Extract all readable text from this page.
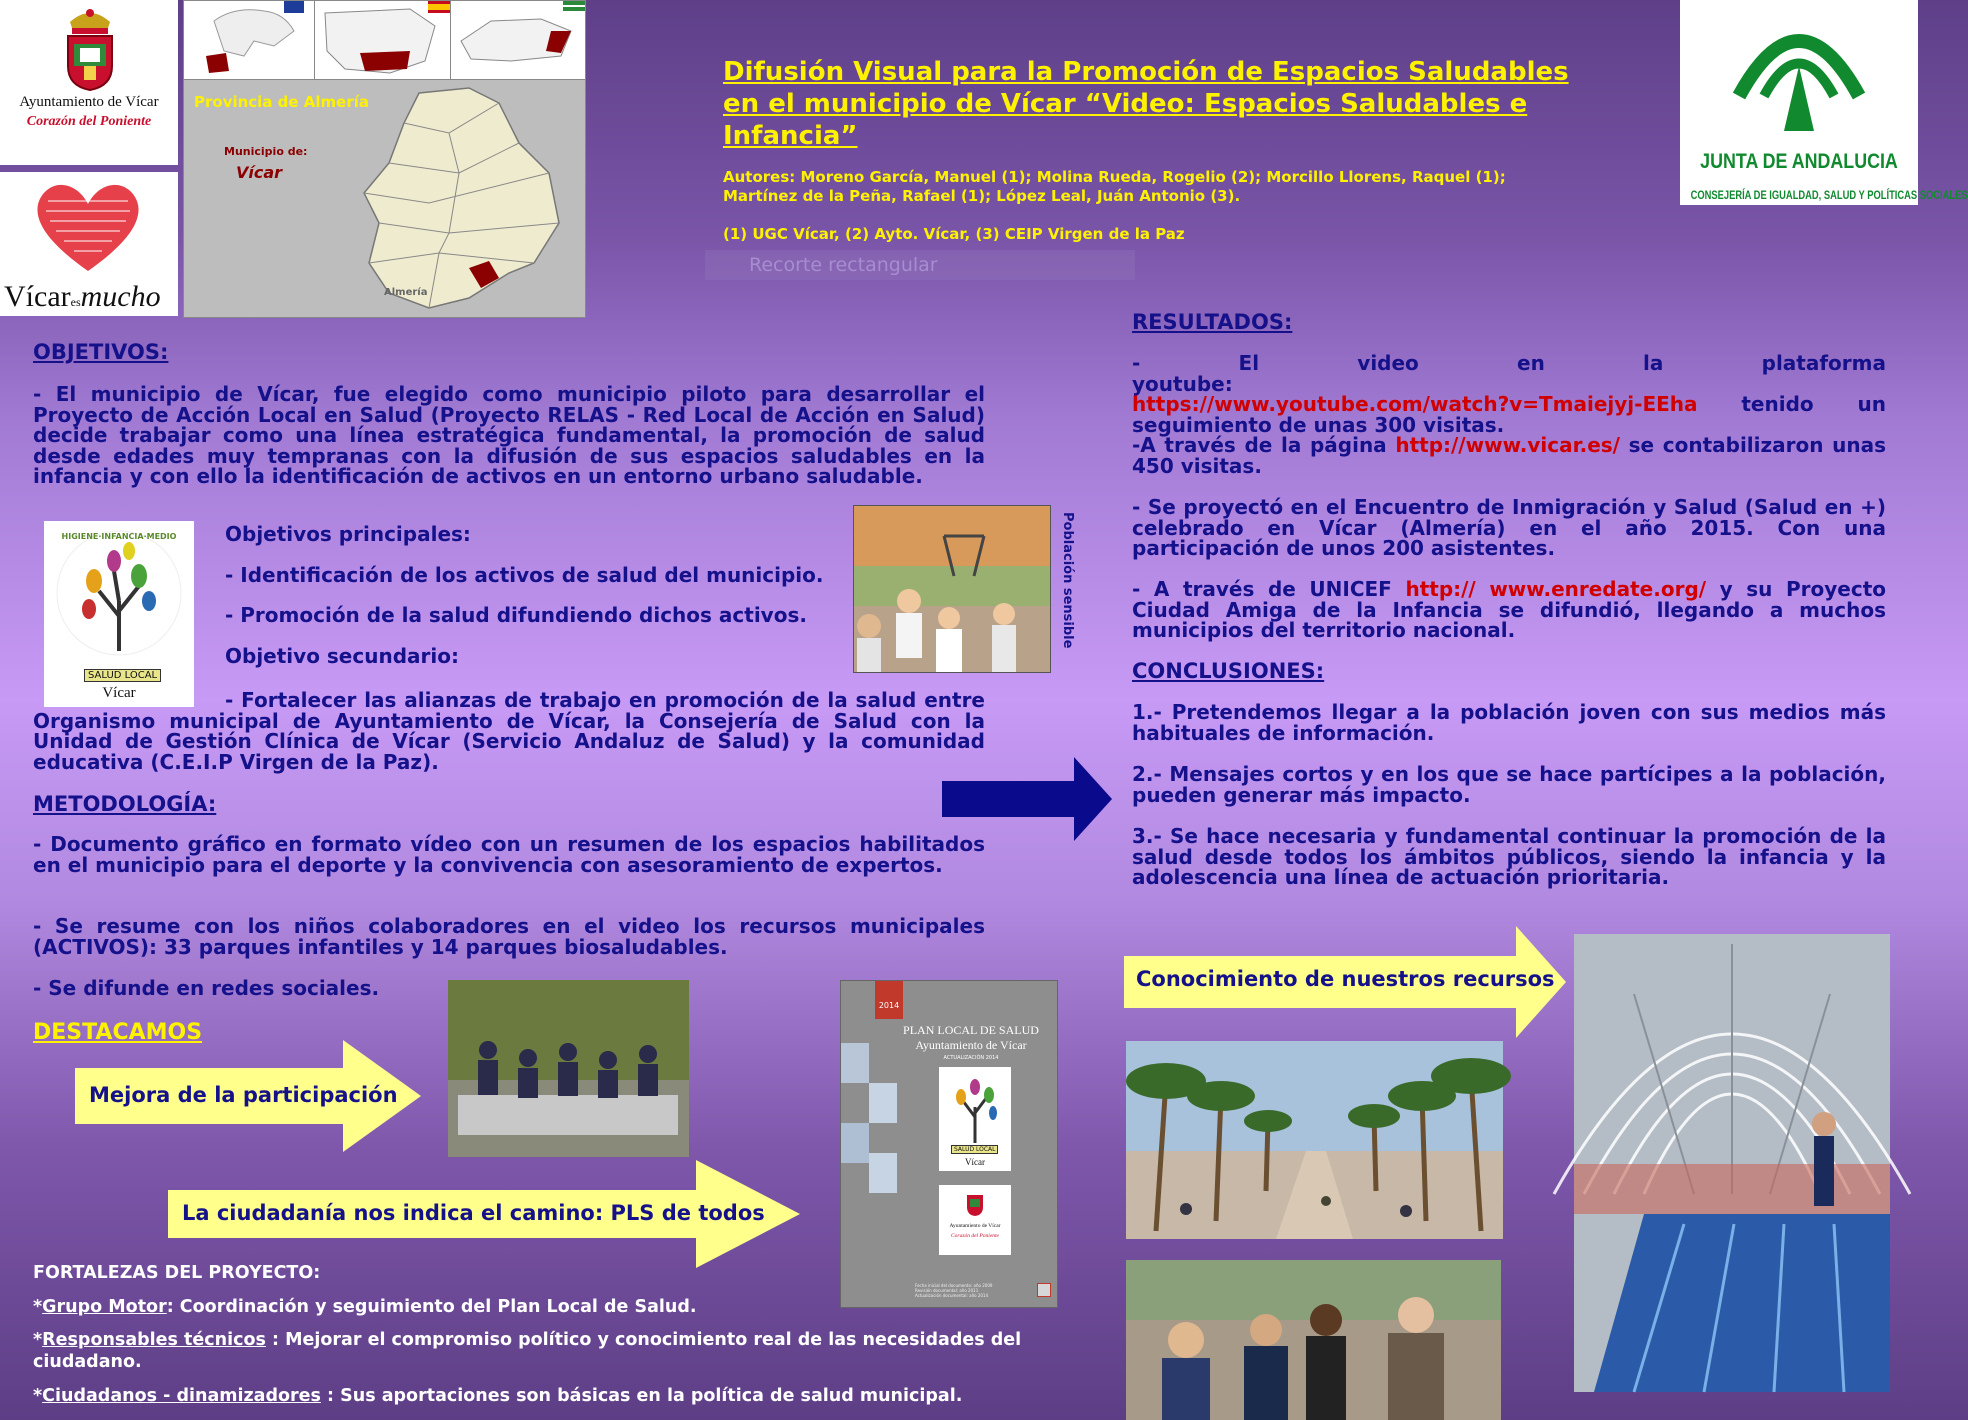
Ayuntamiento de Vícar
Corazón del Poniente
Vícaresmucho
Provincia de Almería
Municipio de:
Vícar
Almería
Difusión Visual para la Promoción de Espacios Saludables
en el municipio de Vícar “Video: Espacios Saludables e
Infancia”
Autores: Moreno García, Manuel (1); Molina Rueda, Rogelio (2); Morcillo Llorens, Raquel (1);
Martínez de la Peña, Rafael (1); López Leal, Juán Antonio (3).
(1) UGC Vícar, (2) Ayto. Vícar, (3) CEIP Virgen de la Paz
Recorte rectangular
JUNTA DE ANDALUCIA
CONSEJERÍA DE IGUALDAD, SALUD Y POLÍTICAS SOCIALES
OBJETIVOS:

- El municipio de Vícar, fue elegido como municipio piloto para desarrollar el Proyecto de Acción Local en Salud (Proyecto RELAS - Red Local de Acción en Salud) decide trabajar como una línea estratégica fundamental, la promoción de salud desde edades muy tempranas con la difusión de sus espacios saludables en la infancia y con ello la identificación de activos en un entorno urbano saludable.

HIGIENE·INFANCIA·MEDIO
SALUD LOCAL
Vícar
Objetivos principales:
- Identificación de los activos de salud del municipio.
- Promoción de la salud difundiendo dichos activos.
Objetivo secundario:

- Fortalecer las alianzas de trabajo en promoción de la salud entre Organismo municipal de Ayuntamiento de Vícar, la Consejería de Salud con la Unidad de Gestión Clínica de Vícar (Servicio Andaluz de Salud) y la comunidad educativa (C.E.I.P Virgen de la Paz).

Población sensible
METODOLOGÍA:

- Documento gráfico en formato vídeo con un resumen de los espacios habilitados en el municipio para el deporte y la convivencia con asesoramiento de expertos.

- Se resume con los niños colaboradores en el video los recursos municipales (ACTIVOS): 33 parques infantiles y 14 parques biosaludables.

- Se difunde en redes sociales.

DESTACAMOS
Mejora de la participación
La ciudadanía nos indica el camino: PLS de todos
2014
PLAN LOCAL DE SALUD
Ayuntamiento de Vícar
ACTUALIZACIÓN 2014
SALUD LOCAL
Vícar
Ayuntamiento de Vícar
Corazón del Poniente
Fecha inicial del documento: año 2009
Revisión documental: año 2011
Actualización documental: año 2014
FORTALEZAS DEL PROYECTO:
*Grupo Motor: Coordinación y seguimiento del Plan Local de Salud.
*Responsables técnicos : Mejorar el compromiso político y conocimiento real de las necesidades del ciudadano.
*Ciudadanos - dinamizadores : Sus aportaciones son básicas en la política de salud municipal.
RESULTADOS:

- El video en la plataforma youtube:
https://www.youtube.com/watch?v=Tmaiejyj-EEha tenido un seguimiento de unas 300 visitas.

-A través de la página http://www.vicar.es/ se contabilizaron unas 450 visitas.

- Se proyectó en el Encuentro de Inmigración y Salud (Salud en +) celebrado en Vícar (Almería) en el año 2015. Con una participación de unos 200 asistentes.

- A través de UNICEF http:// www.enredate.org/ y su Proyecto Ciudad Amiga de la Infancia se difundió, llegando a muchos municipios del territorio nacional.

CONCLUSIONES:

1.- Pretendemos llegar a la población joven con sus medios más habituales de información.

2.- Mensajes cortos y en los que se hace partícipes a la población, pueden generar más impacto.

3.- Se hace necesaria y fundamental continuar la promoción de la salud desde todos los ámbitos públicos, siendo la infancia y la adolescencia una línea de actuación prioritaria.

Conocimiento de nuestros recursos
